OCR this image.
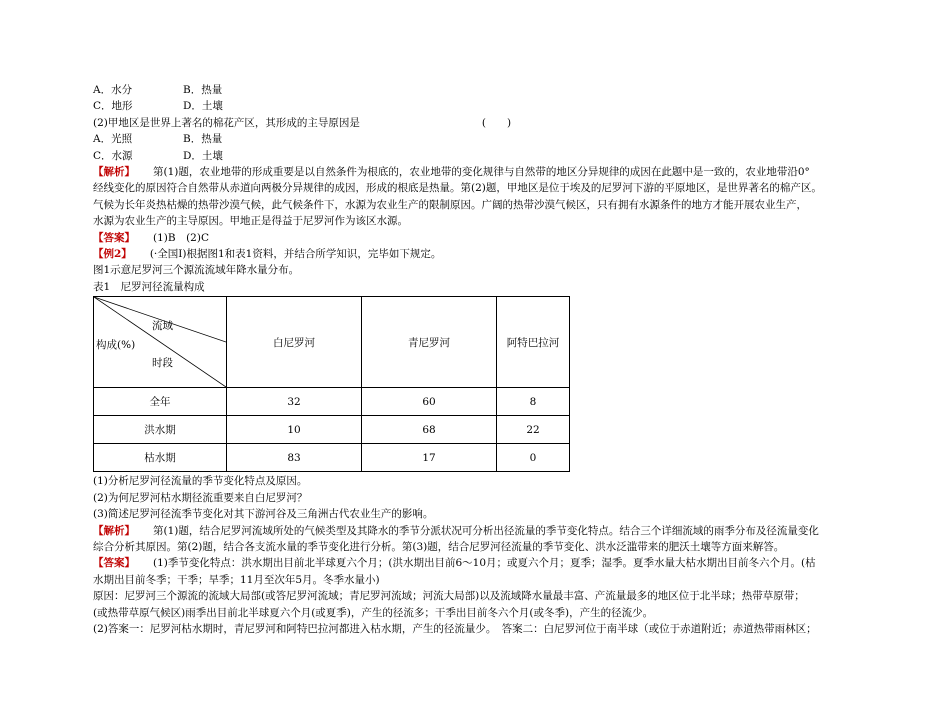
A．水分	B．热量
C．地形	D．土壤
(2)甲地区是世界上著名的棉花产区，其形成的主导原因是	(　　)
A．光照	B．热量
C．水源	D．土壤
【解析】 第(1)题，农业地带的形成重要是以自然条件为根底的，农业地带的变化规律与自然带的地区分异规律的成因在此题中是一致的，农业地带沿0°
经线变化的原因符合自然带从赤道向两极分异规律的成因，形成的根底是热量。第(2)题，甲地区是位于埃及的尼罗河下游的平原地区，是世界著名的棉产区。
气候为长年炎热枯燥的热带沙漠气候，此气候条件下，水源为农业生产的限制原因。广阔的热带沙漠气候区，只有拥有水源条件的地方才能开展农业生产，
水源为农业生产的主导原因。甲地正是得益于尼罗河作为该区水源。
【答案】 (1)B　(2)C
【例2】 (·全国Ⅰ)根据图1和表1资料，并结合所学知识，完毕如下规定。
图1示意尼罗河三个源流流域年降水量分布。
表1　尼罗河径流量构成
流域
构成(%)
时段	白尼罗河	青尼罗河	阿特巴拉河
全年	32	60	8
洪水期	10	68	22
枯水期	83	17	0
(1)分析尼罗河径流量的季节变化特点及原因。
(2)为何尼罗河枯水期径流重要来自白尼罗河？
(3)简述尼罗河径流季节变化对其下游河谷及三角洲古代农业生产的影响。
【解析】 第(1)题，结合尼罗河流域所处的气候类型及其降水的季节分派状况可分析出径流量的季节变化特点。结合三个详细流域的雨季分布及径流量变化
综合分析其原因。第(2)题，结合各支流水量的季节变化进行分析。第(3)题，结合尼罗河径流量的季节变化、洪水泛滥带来的肥沃土壤等方面来解答。
【答案】 (1)季节变化特点：洪水期出目前北半球夏六个月；(洪水期出目前6～10月；或夏六个月；夏季；湿季。夏季水量大枯水期出目前冬六个月。(枯
水期出目前冬季；干季；旱季；11月至次年5月。冬季水量小)
原因：尼罗河三个源流的流域大局部(或答尼罗河流域；青尼罗河流域；河流大局部)以及流域降水量最丰富、产流量最多的地区位于北半球；热带草原带；
(或热带草原气候区)雨季出目前北半球夏六个月(或夏季)，产生的径流多；干季出目前冬六个月(或冬季)，产生的径流少。
(2)答案一：尼罗河枯水期时，青尼罗河和阿特巴拉河都进入枯水期，产生的径流量少。　答案二：白尼罗河位于南半球（或位于赤道附近；赤道热带雨林区；
